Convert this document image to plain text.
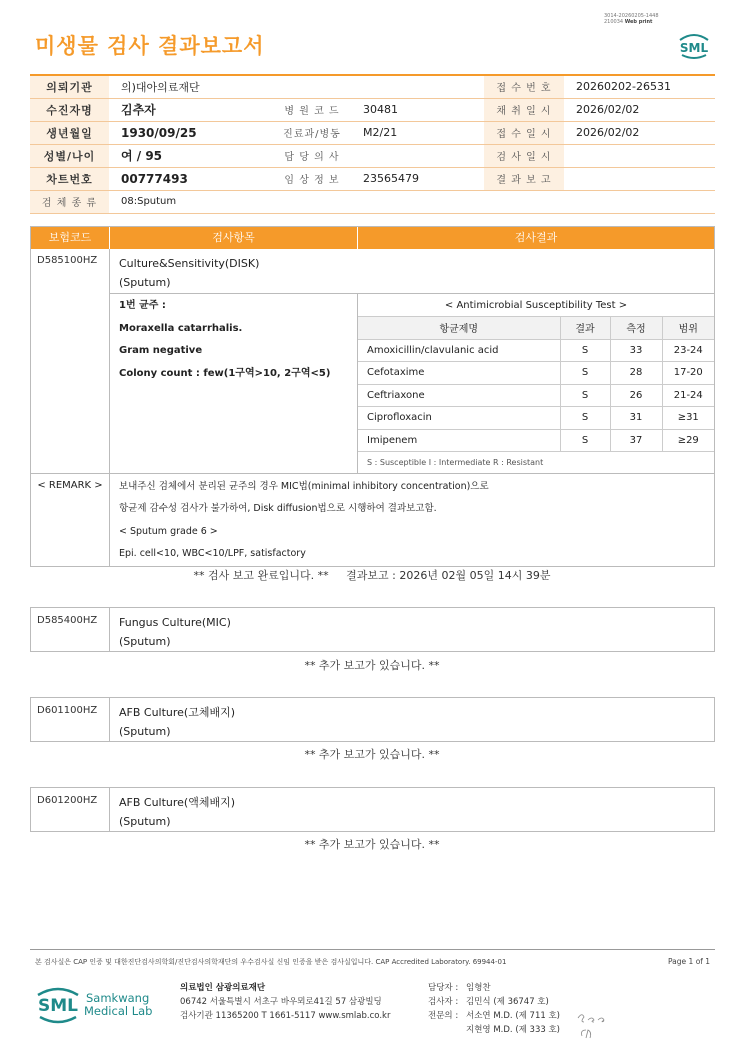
미생물 검사 결과보고서
3014-20260205-1448
210034 Web print
SML
의뢰기관	의)대아의료재단			접 수 번 호	20260202-26531
수진자명	김추자	병 원 코 드	30481	채 취 일 시	2026/02/02
생년월일	1930/09/25	진료과/병동	M2/21	접 수 일 시	2026/02/02
성별/나이	여 / 95	담 당 의 사		검 사 일 시	
차트번호	00777493	임 상 정 보	23565479	결 과 보 고	
검 체 종 류	08:Sputum				
보험코드	검사항목	검사결과
D585100HZ	Culture&Sensitivity(DISK)
(Sputum)
1번 균주 :
Moraxella catarrhalis.
Gram negative
Colony count : few(1구역>10, 2구역<5)
< Antimicrobial Susceptibility Test >			
항균제명	결과	측정	범위
Amoxicillin/clavulanic acid	S	33	23-24
Cefotaxime	S	28	17-20
Ceftriaxone	S	26	21-24
Ciprofloxacin	S	31	≥31
Imipenem	S	37	≥29
S : Susceptible I : Intermediate R : Resistant			
< REMARK >	보내주신 검체에서 분리된 균주의 경우 MIC법(minimal inhibitory concentration)으로
항균제 감수성 검사가 불가하여, Disk diffusion법으로 시행하여 결과보고함.
< Sputum grade 6 >
Epi. cell<10, WBC<10/LPF, satisfactory
** 검사 보고 완료입니다. **     결과보고 : 2026년 02월 05일 14시 39분
D585400HZ	Fungus Culture(MIC)
(Sputum)
** 추가 보고가 있습니다. **
D601100HZ	AFB Culture(고체배지)
(Sputum)
** 추가 보고가 있습니다. **
D601200HZ	AFB Culture(액체배지)
(Sputum)
** 추가 보고가 있습니다. **
본 검사실은 CAP 인증 및 대한진단검사의학회/진단검사의학재단의 우수검사실 신임 인증을 받은 검사실입니다. CAP Accredited Laboratory. 69944-01	Page 1 of 1
SML Samkwang
Medical Lab
의료법인 삼광의료재단
06742 서울특별시 서초구 바우뫼로41길 57 삼광빌딩
검사기관 11365200 T 1661-5117 www.smlab.co.kr
담당자 : 임형찬
검사자 : 김민식 (제 36747 호)
전문의 : 서소연 M.D. (제 711 호)
지현영 M.D. (제 333 호)
